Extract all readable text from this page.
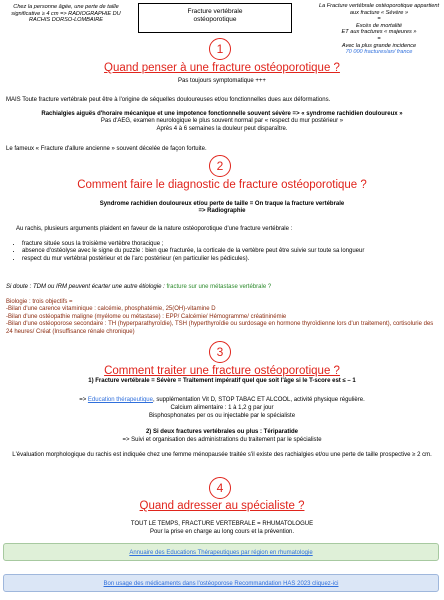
Chez la personne âgée, une perte de taille significative ≥ 4 cm => RADIOGRAPHIE DU RACHIS DORSO-LOMBAIRE
Fracture vertébrale
ostéoporotique
La Fracture vertébrale ostéoporotique appartient aux fracture « Sévère »
=
Excès de mortalité
ET aux fractures « majeures »
=
Avec la plus grande incidence
70 000 fractures/an/ france
1
Quand penser à une fracture ostéoporotique ?
Pas toujours symptomatique +++
MAIS Toute fracture vertébrale peut être à l'origine de séquelles douloureuses et/ou fonctionnelles dues aux déformations.
Rachialgies aiguës d'horaire mécanique et une impotence fonctionnelle souvent sévère => « syndrome rachidien douloureux »
Pas d'AEG, examen neurologique le plus souvent normal par « respect du mur postérieur »
Après 4 à 6 semaines la douleur peut disparaître.
Le fameux « Fracture d'allure ancienne » souvent décelée de façon fortuite.
2
Comment faire le diagnostic de fracture ostéoporotique ?
Syndrome rachidien douloureux et/ou perte de taille = On traque la fracture vertébrale
=> Radiographie
Au rachis, plusieurs arguments plaident en faveur de la nature ostéoporotique d'une fracture vertébrale :
• fracture située sous la troisième vertèbre thoracique ;
• absence d'ostéolyse avec le signe du puzzle : bien que fracturée, la corticale de la vertèbre peut être suivie sur toute sa longueur
• respect du mur vertébral postérieur et de l'arc postérieur (en particulier les pédicules).
Si doute : TDM ou IRM peuvent écarter une autre étiologie : fracture sur une métastase vertébrale ?
Biologie : trois objectifs =
-Bilan d'une carence vitaminique : calcémie, phosphatémie, 25(OH)-vitamine D
-Bilan d'une ostéopathie maligne (myélome ou métastase) : EPP/ Calcémie/ Hémogramme/ créatininémie
-Bilan d'une ostéoporose secondaire : TH (hyperparathyroïdie), TSH (hyperthyroïdie ou surdosage en hormone thyroïdienne lors d'un traitement), cortisolurie des 24 heures/ Créat (Insuffisance rénale chronique)
3
Comment traiter une fracture ostéoporotique ?
1) Fracture vertébrale = Sévère = Traitement impératif quel que soit l'âge si le T-score est ≤ – 1
=> Education thérapeutique, supplémentation Vit D, STOP TABAC ET ALCOOL, activité physique régulière.
Calcium alimentaire : 1 à 1,2 g par jour
Bisphosphonates per os ou injectable par le spécialiste
2) Si deux fractures vertébrales ou plus : Tériparatide
=> Suivi et organisation des administrations du traitement par le spécialiste
L'évaluation morphologique du rachis est indiquée chez une femme ménopausée traitée s'il existe des rachialgies et/ou une perte de taille prospective ≥ 2 cm.
4
Quand adresser au spécialiste ?
TOUT LE TEMPS, FRACTURE VERTEBRALE = RHUMATOLOGUE
Pour la prise en charge au long cours et la prévention.
Annuaire des Educations Thérapeutiques par région en rhumatologie
Bon usage des médicaments dans l'ostéoporose Recommandation HAS 2023 cliquez-ici
